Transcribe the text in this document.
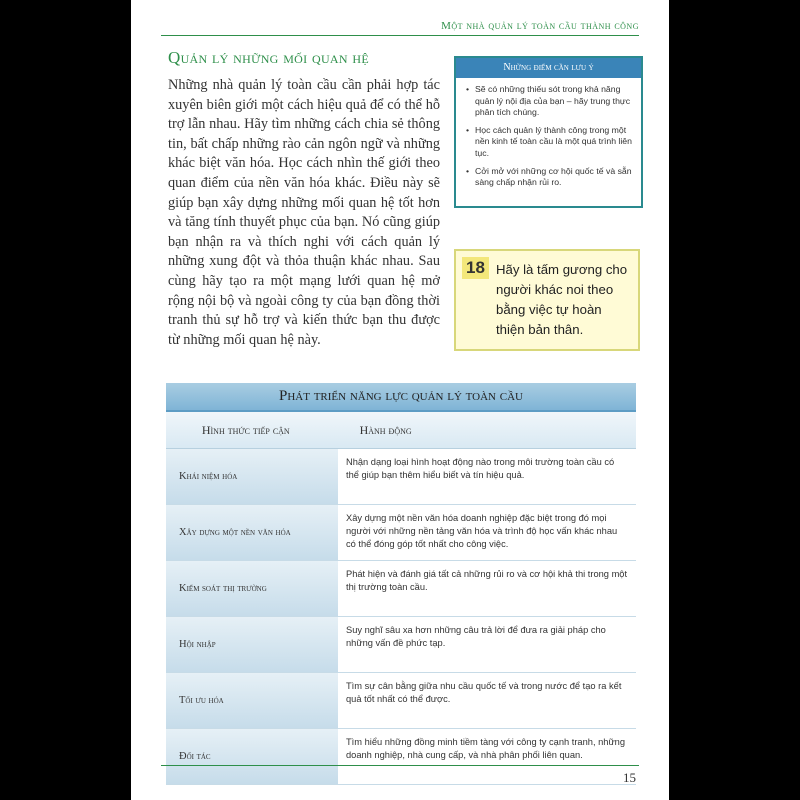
Một nhà quản lý toàn cầu thành công
Quản lý những mối quan hệ

Những nhà quản lý toàn cầu cần phải hợp tác xuyên biên giới một cách hiệu quả để có thể hỗ trợ lẫn nhau. Hãy tìm những cách chia sẻ thông tin, bất chấp những rào cản ngôn ngữ và những khác biệt văn hóa. Học cách nhìn thế giới theo quan điểm của nền văn hóa khác. Điều này sẽ giúp bạn xây dựng những mối quan hệ tốt hơn và tăng tính thuyết phục của bạn. Nó cũng giúp bạn nhận ra và thích nghi với cách quản lý những xung đột và thỏa thuận khác nhau. Sau cùng hãy tạo ra một mạng lưới quan hệ mở rộng nội bộ và ngoài công ty của bạn đồng thời tranh thủ sự hỗ trợ và kiến thức bạn thu được từ những mối quan hệ này.

Những điểm cần lưu ý
• Sẽ có những thiếu sót trong khả năng quản lý nội địa của bạn – hãy trung thực phân tích chúng.
• Học cách quản lý thành công trong một nền kinh tế toàn cầu là một quá trình liên tục.
• Cởi mở với những cơ hội quốc tế và sẵn sàng chấp nhận rủi ro.
18 Hãy là tấm gương cho người khác noi theo bằng việc tự hoàn thiện bản thân.
Phát triển năng lực quản lý toàn cầu
Hình thức tiếp cận	Hành động
Khái niệm hóa
Nhận dạng loại hình hoạt động nào trong môi trường toàn cầu có thể giúp bạn thêm hiểu biết và tín hiệu quả.
Xây dựng một nền văn hóa
Xây dựng một nền văn hóa doanh nghiệp đặc biệt trong đó mọi người với những nền tảng văn hóa và trình độ học vấn khác nhau có thể đóng góp tốt nhất cho công việc.
Kiểm soát thị trường
Phát hiện và đánh giá tất cả những rủi ro và cơ hội khả thi trong một thị trường toàn cầu.
Hội nhập
Suy nghĩ sâu xa hơn những câu trả lời để đưa ra giải pháp cho những vấn đề phức tạp.
Tối ưu hóa
Tìm sự cân bằng giữa nhu cầu quốc tế và trong nước để tạo ra kết quả tốt nhất có thể được.
Đối tác
Tìm hiểu những đồng minh tiềm tàng với công ty cạnh tranh, những doanh nghiệp, nhà cung cấp, và nhà phân phối liên quan.
15
